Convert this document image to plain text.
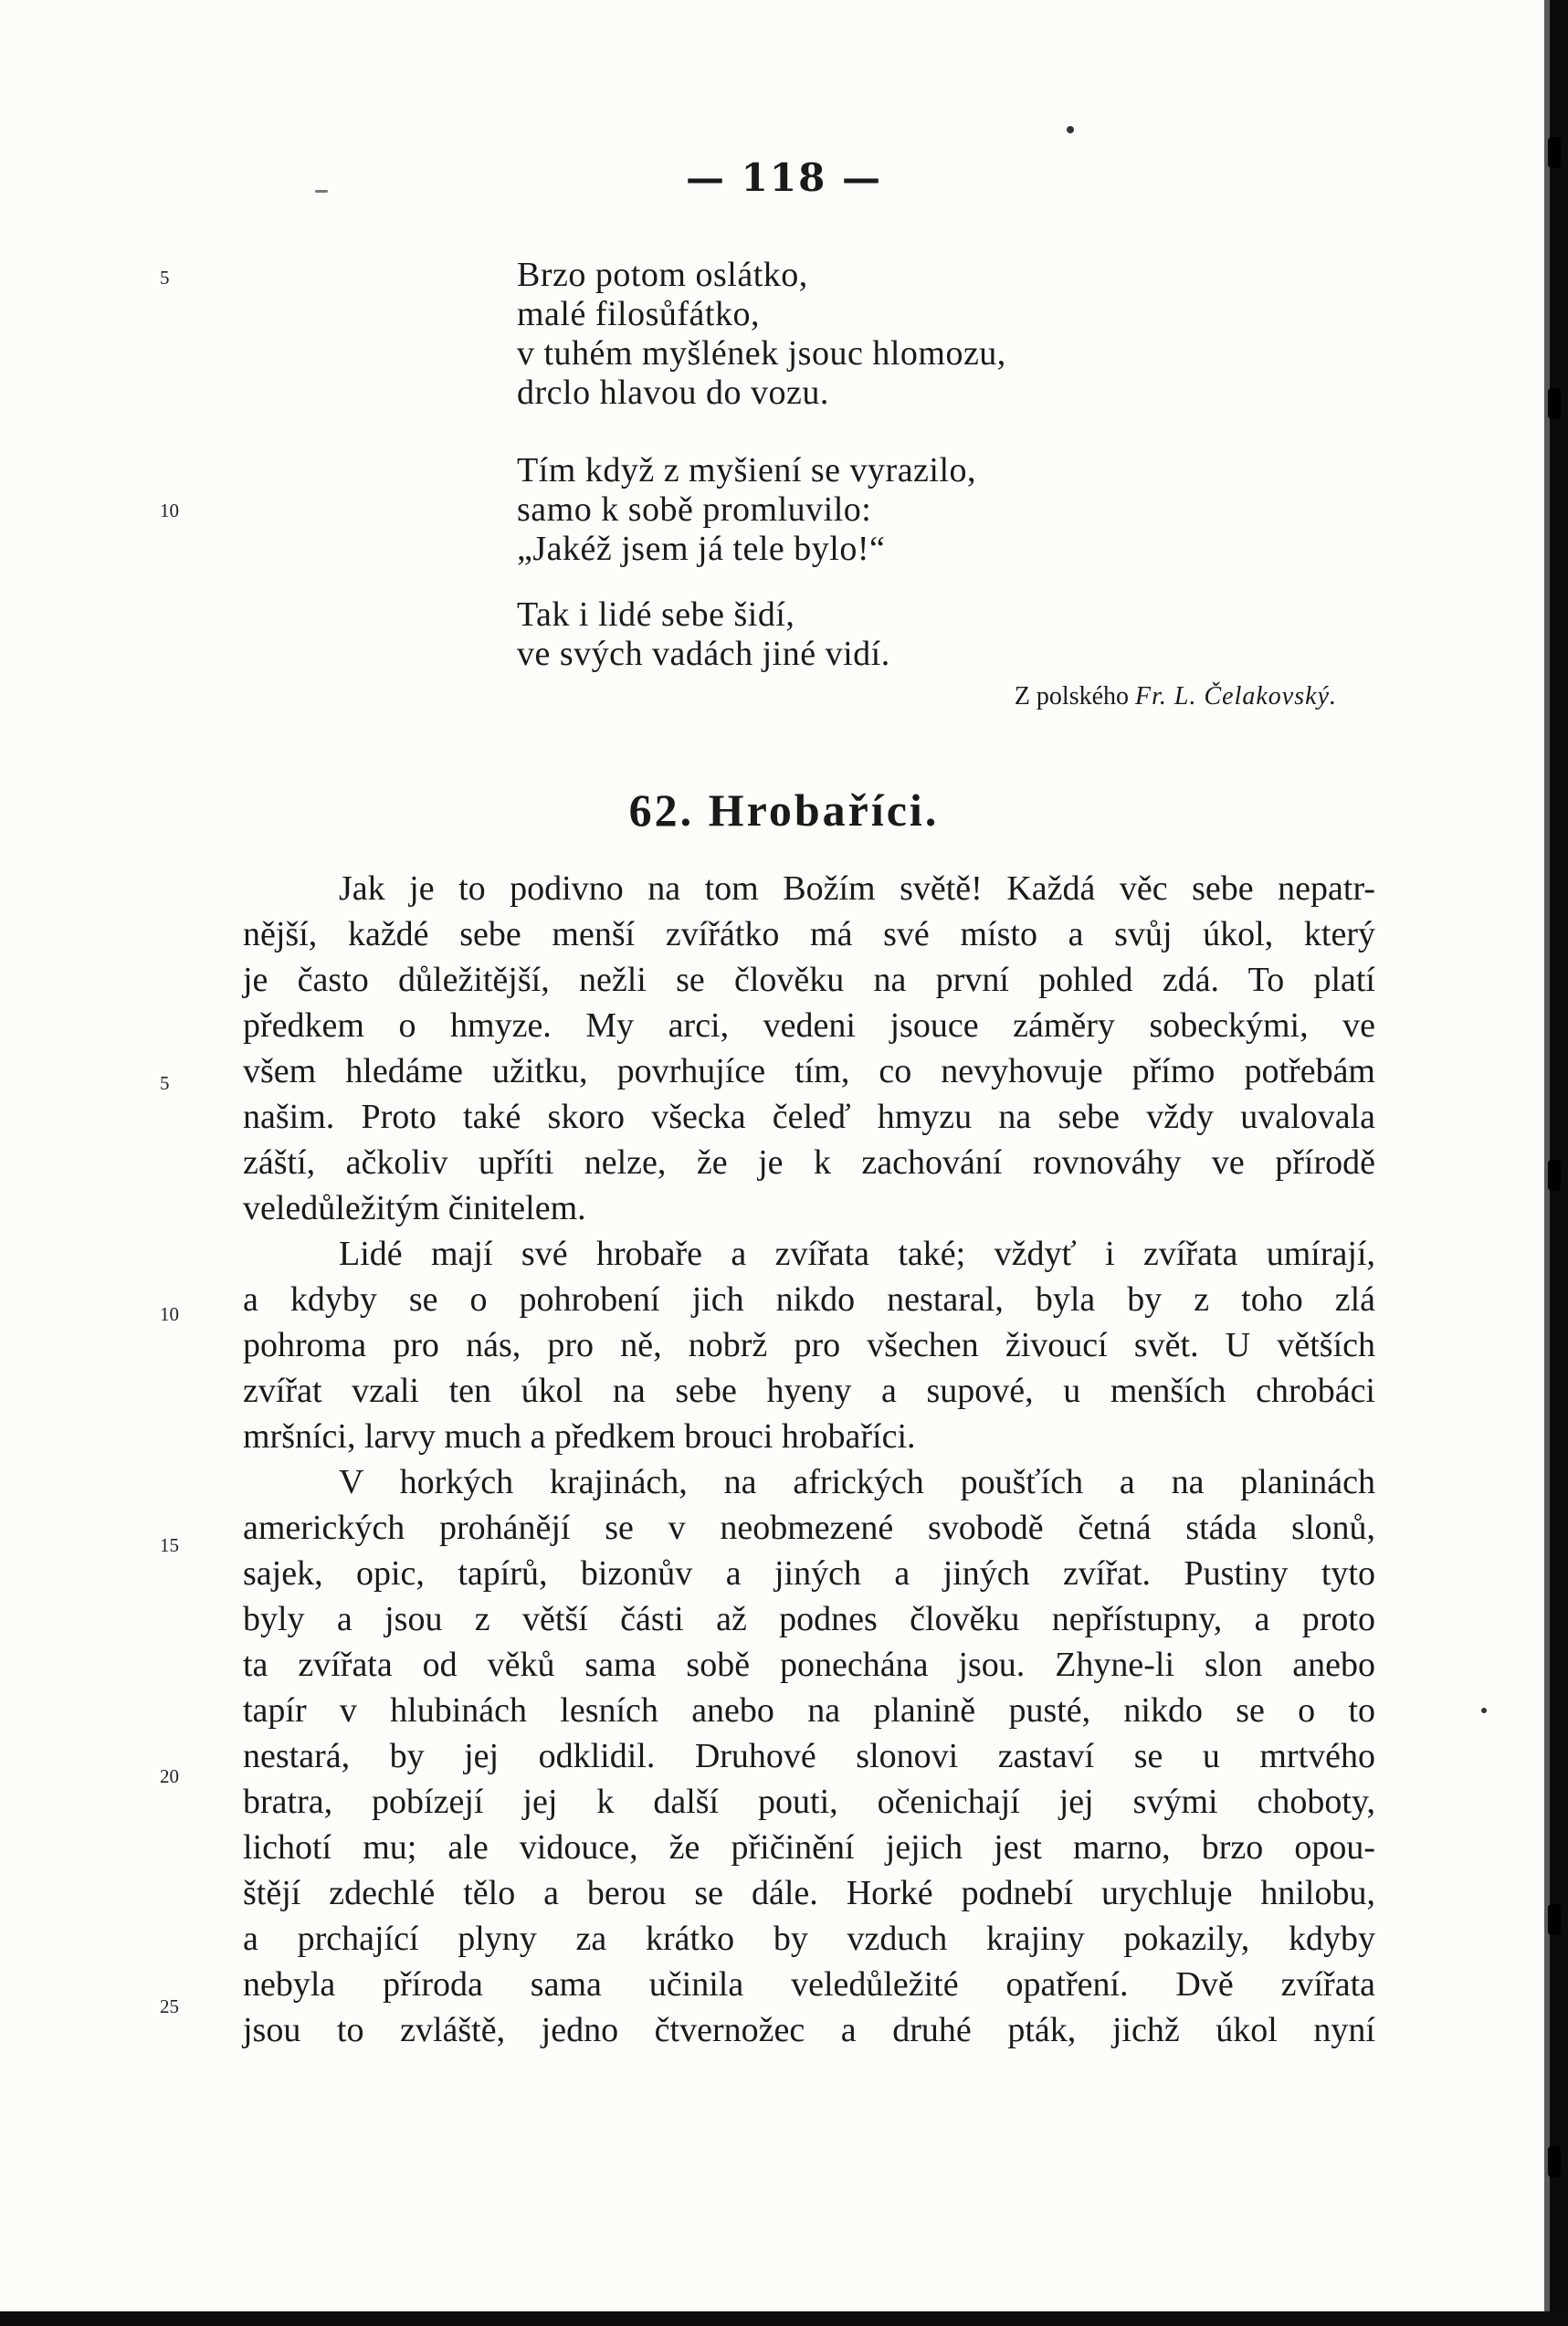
— 118 —
5
10
Brzo potom oslátko,
malé filosůfátko,
v tuhém myšlének jsouc hlomozu,
drclo hlavou do vozu.
Tím když z myšiení se vyrazilo,
samo k sobě promluvilo:
„Jakéž jsem já tele bylo!“
Tak i lidé sebe šidí,
ve svých vadách jiné vidí.
Z polského Fr. L. Čelakovský.
62. Hrobaříci.
5
10
15
20
25
Jak je to podivno na tom Božím světě! Každá věc sebe nepatr-
nější, každé sebe menší zvířátko má své místo a svůj úkol, který
je často důležitější, nežli se člověku na první pohled zdá. To platí
předkem o hmyze. My arci, vedeni jsouce záměry sobeckými, ve
všem hledáme užitku, povrhujíce tím, co nevyhovuje přímo potřebám
našim. Proto také skoro všecka čeleď hmyzu na sebe vždy uvalovala
záští, ačkoliv upříti nelze, že je k zachování rovnováhy ve přírodě
veledůležitým činitelem.
Lidé mají své hrobaře a zvířata také; vždyť i zvířata umírají,
a kdyby se o pohrobení jich nikdo nestaral, byla by z toho zlá
pohroma pro nás, pro ně, nobrž pro všechen živoucí svět. U větších
zvířat vzali ten úkol na sebe hyeny a supové, u menších chrobáci
mršníci, larvy much a předkem brouci hrobaříci.
V horkých krajinách, na afrických poušťích a na planinách
amerických prohánějí se v neobmezené svobodě četná stáda slonů,
sajek, opic, tapírů, bizonův a jiných a jiných zvířat. Pustiny tyto
byly a jsou z větší části až podnes člověku nepřístupny, a proto
ta zvířata od věků sama sobě ponechána jsou. Zhyne-li slon anebo
tapír v hlubinách lesních anebo na planině pusté, nikdo se o to
nestará, by jej odklidil. Druhové slonovi zastaví se u mrtvého
bratra, pobízejí jej k další pouti, očenichají jej svými choboty,
lichotí mu; ale vidouce, že přičinění jejich jest marno, brzo opou-
štějí zdechlé tělo a berou se dále. Horké podnebí urychluje hnilobu,
a prchající plyny za krátko by vzduch krajiny pokazily, kdyby
nebyla příroda sama učinila veledůležité opatření. Dvě zvířata
jsou to zvláště, jedno čtvernožec a druhé pták, jichž úkol nyní
